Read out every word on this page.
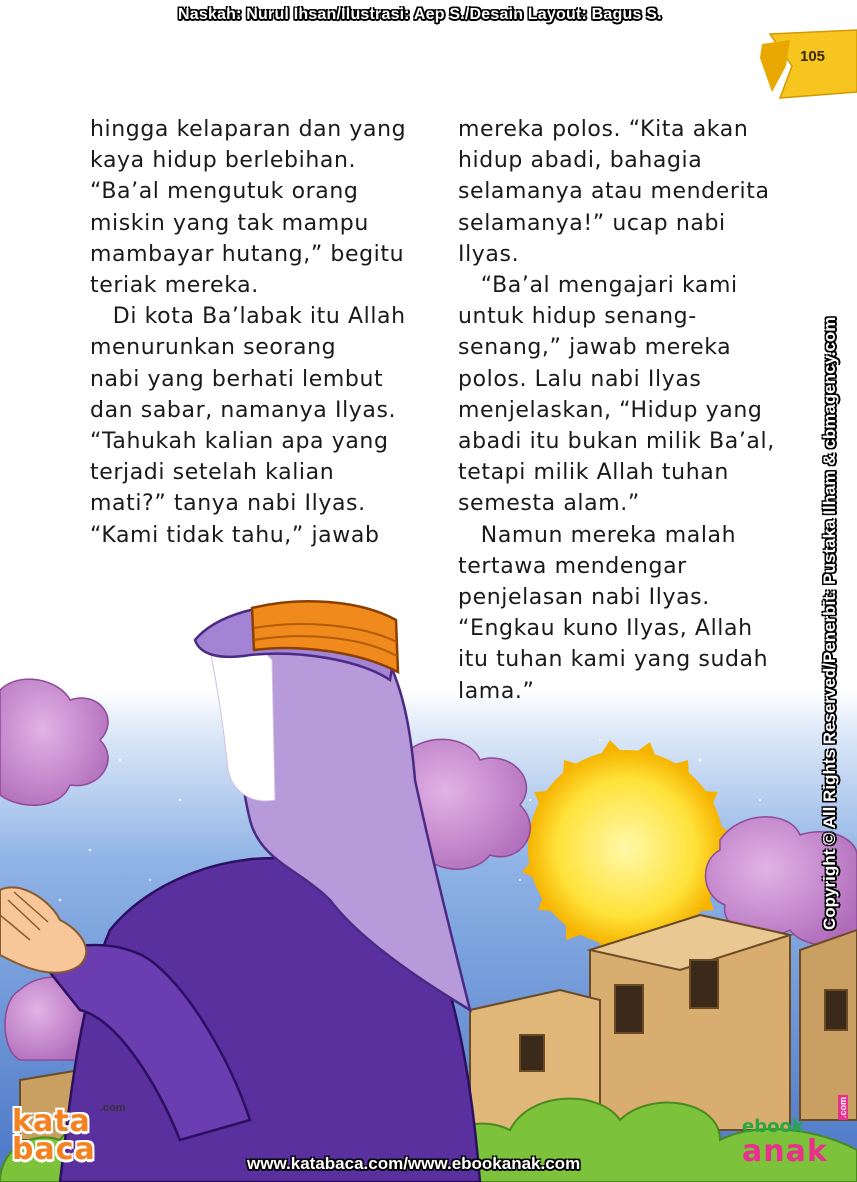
Naskah: Nurul Ihsan/Ilustrasi: Aep S./Desain Layout: Bagus S.
105

hingga kelaparan dan yang

kaya hidup berlebihan.

“Ba’al mengutuk orang

miskin yang tak mampu

mambayar hutang,” begitu

teriak mereka.

Di kota Ba’labak itu Allah

menurunkan seorang

nabi yang berhati lembut

dan sabar, namanya Ilyas.

“Tahukah kalian apa yang

terjadi setelah kalian

mati?” tanya nabi Ilyas.

“Kami tidak tahu,” jawab

mereka polos. “Kita akan

hidup abadi, bahagia

selamanya atau menderita

selamanya!” ucap nabi

Ilyas.

“Ba’al mengajari kami

untuk hidup senang-

senang,” jawab mereka

polos. Lalu nabi Ilyas

menjelaskan, “Hidup yang

abadi itu bukan milik Ba’al,

tetapi milik Allah tuhan

semesta alam.”

Namun mereka malah

tertawa mendengar

penjelasan nabi Ilyas.

“Engkau kuno Ilyas, Allah

itu tuhan kami yang sudah

lama.”	Copyright © All Rights Reserved/Penerbit: Pustaka Ilham & cbmagency.com
.com
kata
baca	www.katabaca.com/www.ebookanak.com
ebook
anak
.com
